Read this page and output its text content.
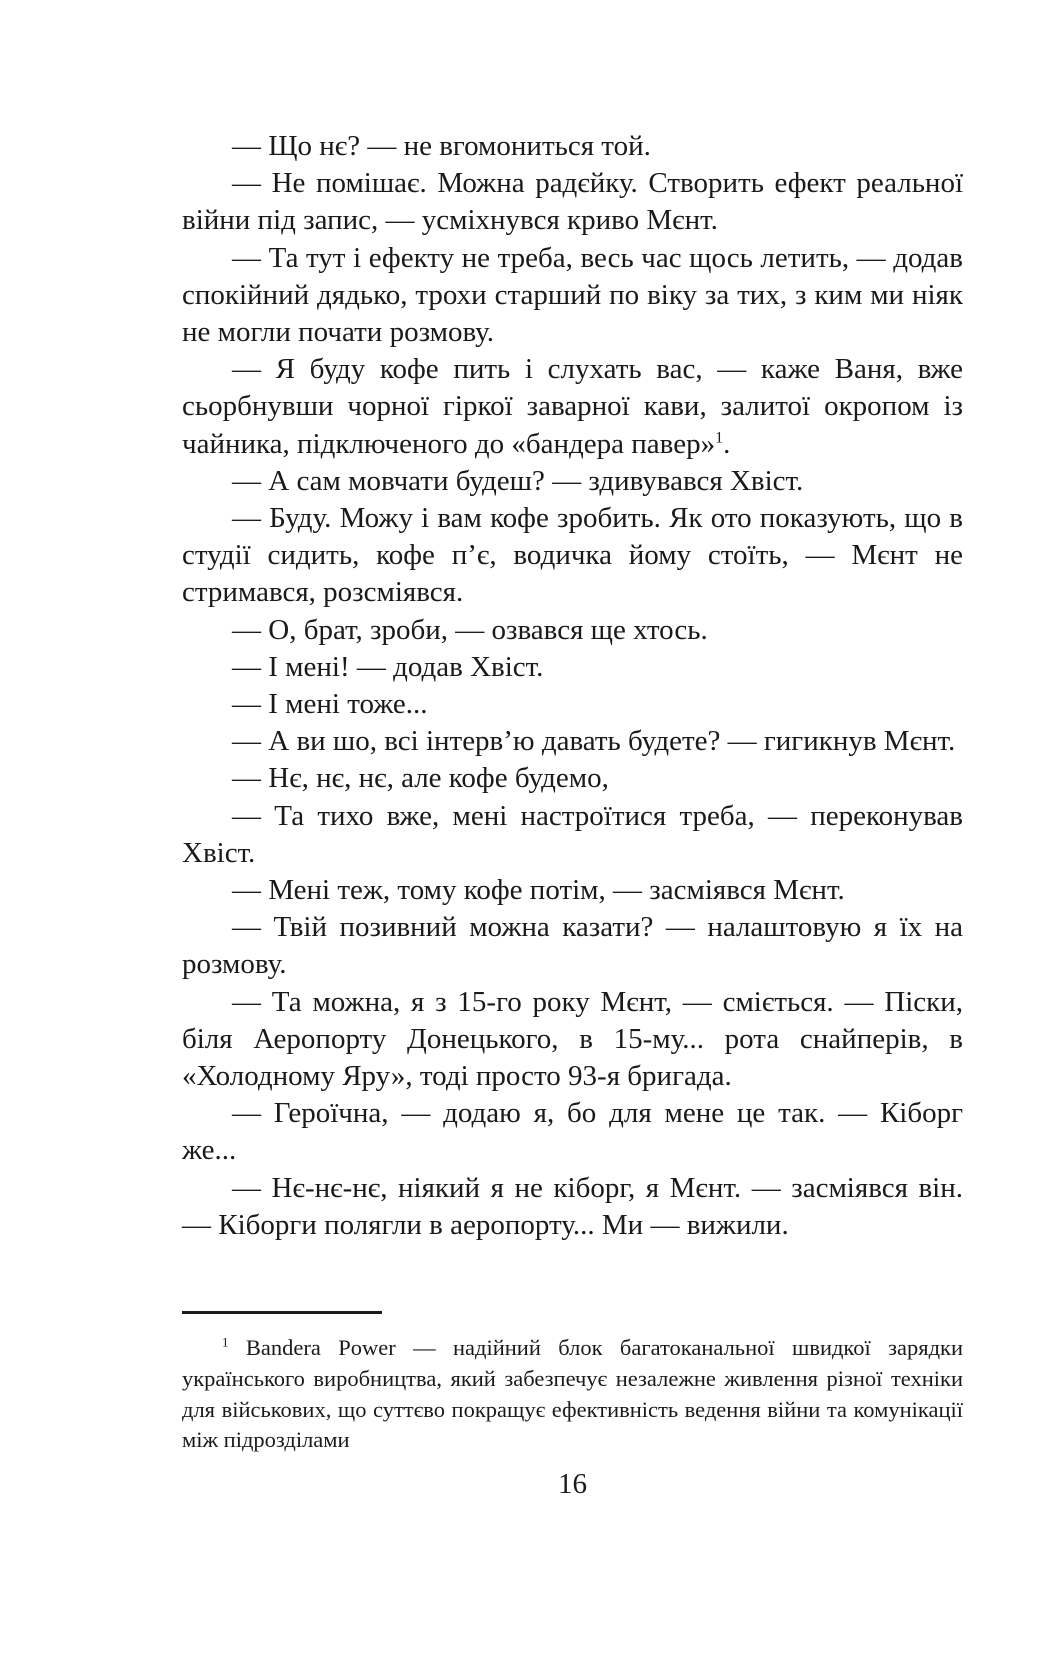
— Що нє? — не вгомониться той.

— Не помішає. Можна радєйку. Створить ефект реальної війни під запис, — усміхнувся криво Мєнт.

— Та тут і ефекту не треба, весь час щось летить, — додав спокійний дядько, трохи старший по віку за тих, з ким ми ніяк не могли почати розмову.

— Я буду кофе пить і слухать вас, — каже Ваня, вже сьорбнувши чорної гіркої заварної кави, залитої окропом із чайника, підключеного до «бандера павер»$^1$.

— А сам мовчати будеш? — здивувався Хвіст.

— Буду. Можу і вам кофе зробить. Як ото показують, що в студії сидить, кофе п’є, водичка йому стоїть, — Мєнт не стримався, розсміявся.

— О, брат, зроби, — озвався ще хтось.

— І мені! — додав Хвіст.

— І мені тоже...

— А ви шо, всі інтерв’ю давать будете? — гигикнув Мєнт.

— Нє, нє, нє, але кофе будемо,

— Та тихо вже, мені настроїтися треба, — переконував Хвіст.

— Мені теж, тому кофе потім, — засміявся Мєнт.

— Твій позивний можна казати? — налаштовую я їх на розмову.

— Та можна, я з 15-го року Мєнт, — сміється. — Піски, біля Аеропорту Донецького, в 15-му... рота снайперів, в «Холодному Яру», тоді просто 93-я бригада.

— Героїчна, — додаю я, бо для мене це так. — Кіборг же...

— Нє-нє-нє, ніякий я не кіборг, я Мєнт. — засміявся він. — Кіборги полягли в аеропорту... Ми — вижили.

$^1$ Bandera Power — надійний блок багатоканальної швидкої зарядки українського виробництва, який забезпечує незалежне живлення різної техніки для військових, що суттєво покращує ефективність ведення війни та комунікації між підрозділами

16
